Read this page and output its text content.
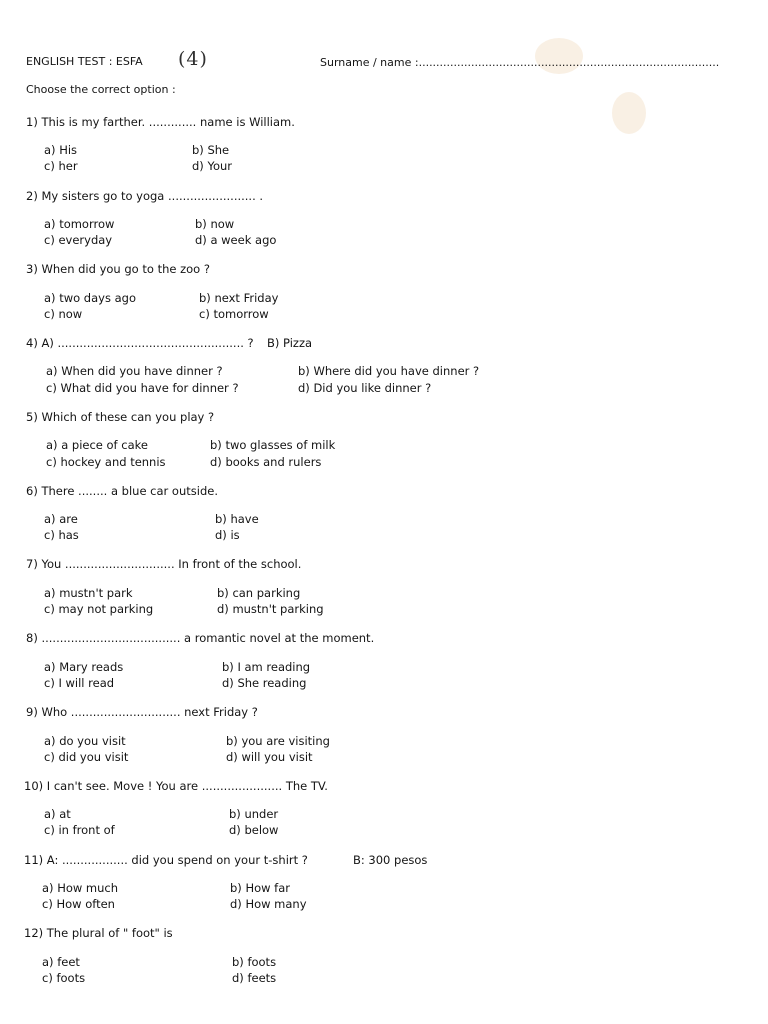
ENGLISH TEST : ESFA (4)	Surname / name :......................................................................................
Choose the correct option :
1) This is my farther. ............. name is William.
a) His	b) She
c) her	d) Your
2) My sisters go to yoga ........................ .
a) tomorrow	b) now
c) everyday	d) a week ago
3) When did you go to the zoo ?
a) two days ago	b) next Friday
c) now	c) tomorrow
4) A) ................................................... ? B) Pizza
a) When did you have dinner ?	b) Where did you have dinner ?
c) What did you have for dinner ?	d) Did you like dinner ?
5) Which of these can you play ?
a) a piece of cake	b) two glasses of milk
c) hockey and tennis	d) books and rulers
6) There ........ a blue car outside.
a) are	b) have
c) has	d) is
7) You .............................. In front of the school.
a) mustn't park	b) can parking
c) may not parking	d) mustn't parking
8) ...................................... a romantic novel at the moment.
a) Mary reads	b) I am reading
c) I will read	d) She reading
9) Who .............................. next Friday ?
a) do you visit	b) you are visiting
c) did you visit	d) will you visit
10) I can't see. Move ! You are ...................... The TV.
a) at	b) under
c) in front of	d) below
11) A: .................. did you spend on your t-shirt ?	B: 300 pesos
a) How much	b) How far
c) How often	d) How many
12) The plural of " foot" is
a) feet	b) foots
c) foots	d) feets
